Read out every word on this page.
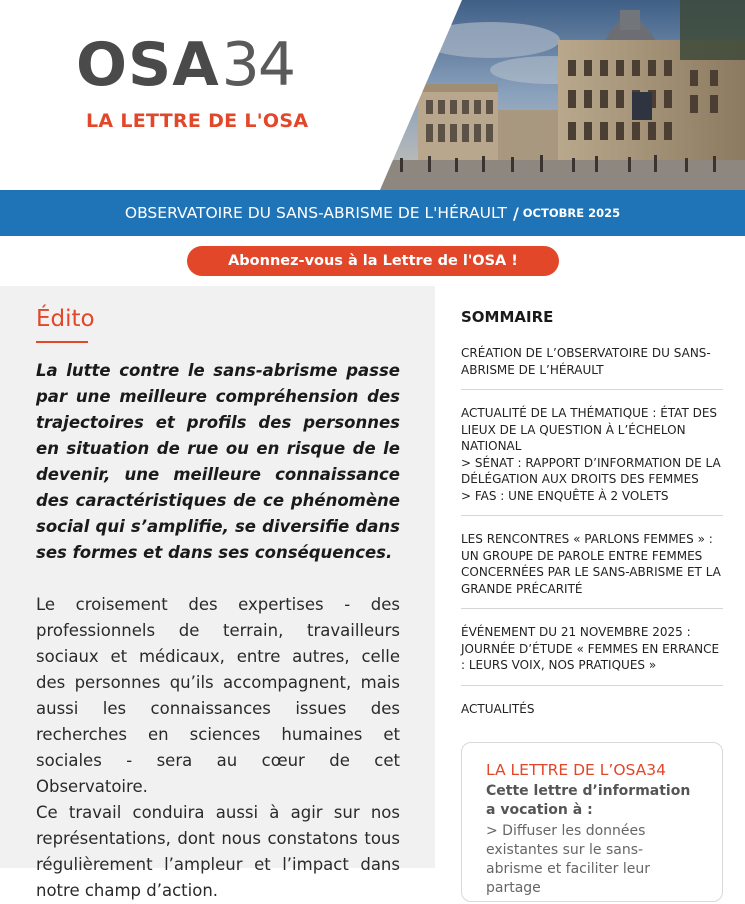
OSA 34
LA LETTRE DE L'OSA
OBSERVATOIRE DU SANS-ABRISME DE L'HÉRAULT / OCTOBRE 2025
Abonnez-vous à la Lettre de l'OSA !
Édito
La lutte contre le sans-abrisme passe par une meilleure compréhension des trajectoires et profils des personnes en situation de rue ou en risque de le devenir, une meilleure connaissance des caractéristiques de ce phénomène social qui s’amplifie, se diversifie dans ses formes et dans ses conséquences.

Le croisement des expertises - des professionnels de terrain, travailleurs sociaux et médicaux, entre autres, celle des personnes qu’ils accompagnent, mais aussi les connaissances issues des recherches en sciences humaines et sociales - sera au cœur de cet Observatoire.

Ce travail conduira aussi à agir sur nos représentations, dont nous constatons tous régulièrement l’ampleur et l’impact dans notre champ d’action.

SOMMAIRE
CRÉATION DE L’OBSERVATOIRE DU SANS-ABRISME DE L’HÉRAULT
ACTUALITÉ DE LA THÉMATIQUE : ÉTAT DES LIEUX DE LA QUESTION À L’ÉCHELON NATIONAL
> SÉNAT : RAPPORT D’INFORMATION DE LA DÉLÉGATION AUX DROITS DES FEMMES
> FAS : UNE ENQUÊTE À 2 VOLETS
LES RENCONTRES « PARLONS FEMMES » : UN GROUPE DE PAROLE ENTRE FEMMES CONCERNÉES PAR LE SANS-ABRISME ET LA GRANDE PRÉCARITÉ
ÉVÉNEMENT DU 21 NOVEMBRE 2025 : JOURNÉE D’ÉTUDE « FEMMES EN ERRANCE : LEURS VOIX, NOS PRATIQUES »
ACTUALITÉS
LA LETTRE DE L’OSA34
Cette lettre d’information a vocation à :
> Diffuser les données existantes sur le sans-abrisme et faciliter leur partage
